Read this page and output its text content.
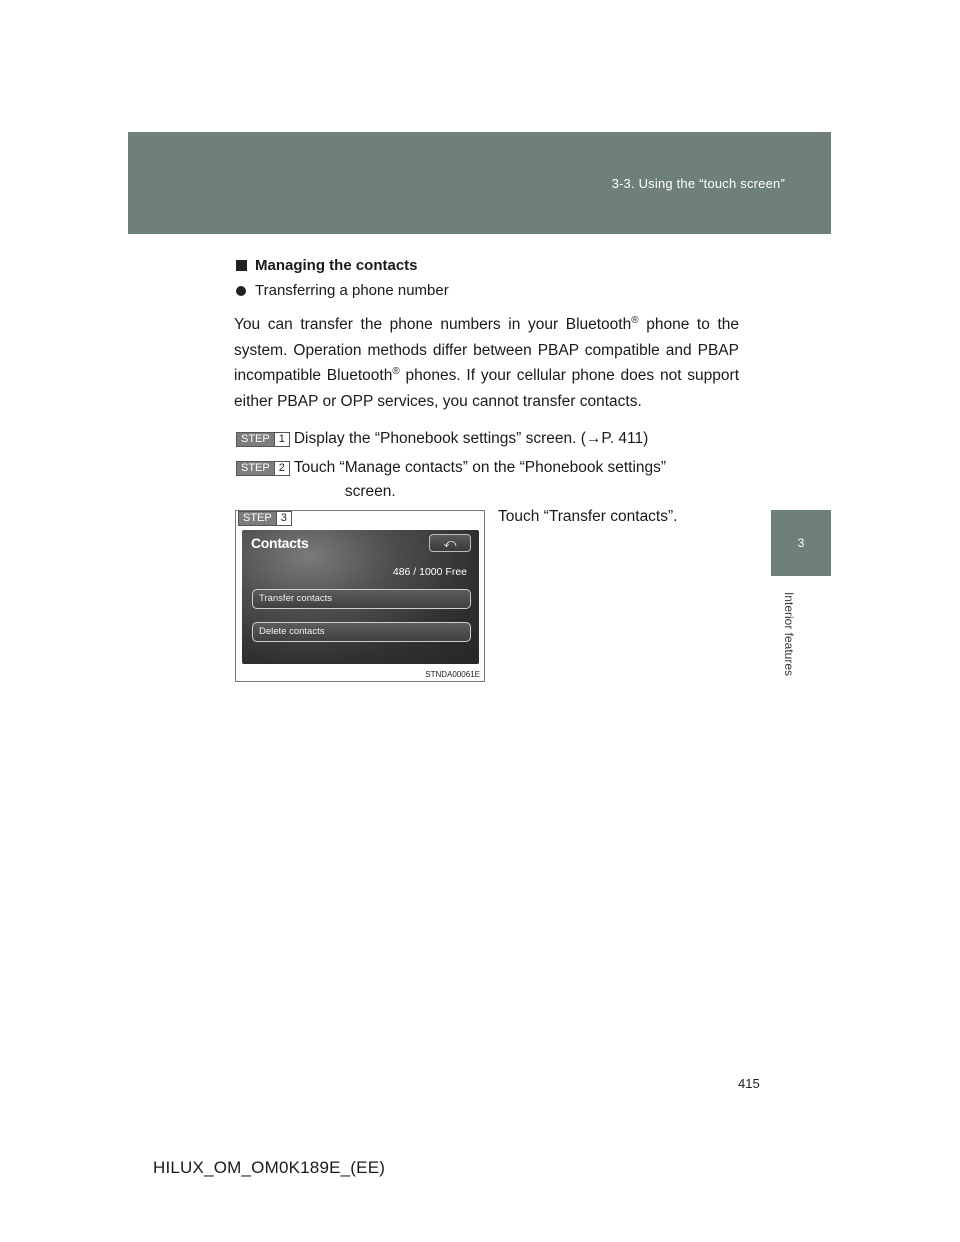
3-3. Using the “touch screen”
3
Interior features
Managing the contacts
Transferring a phone number

You can transfer the phone numbers in your Bluetooth® phone to the system. Operation methods differ between PBAP compatible and PBAP incompatible Bluetooth® phones. If your cellular phone does not support either PBAP or OPP services, you cannot transfer contacts.

STEP 1 Display the “Phonebook settings” screen. (→P. 411)
STEP 2 Touch “Manage contacts” on the “Phonebook settings”
screen.
STEP 3
Contacts	⤺
486 / 1000 Free
Transfer contacts
Delete contacts
STNDA00061E
Touch “Transfer contacts”.
415
HILUX_OM_OM0K189E_(EE)
